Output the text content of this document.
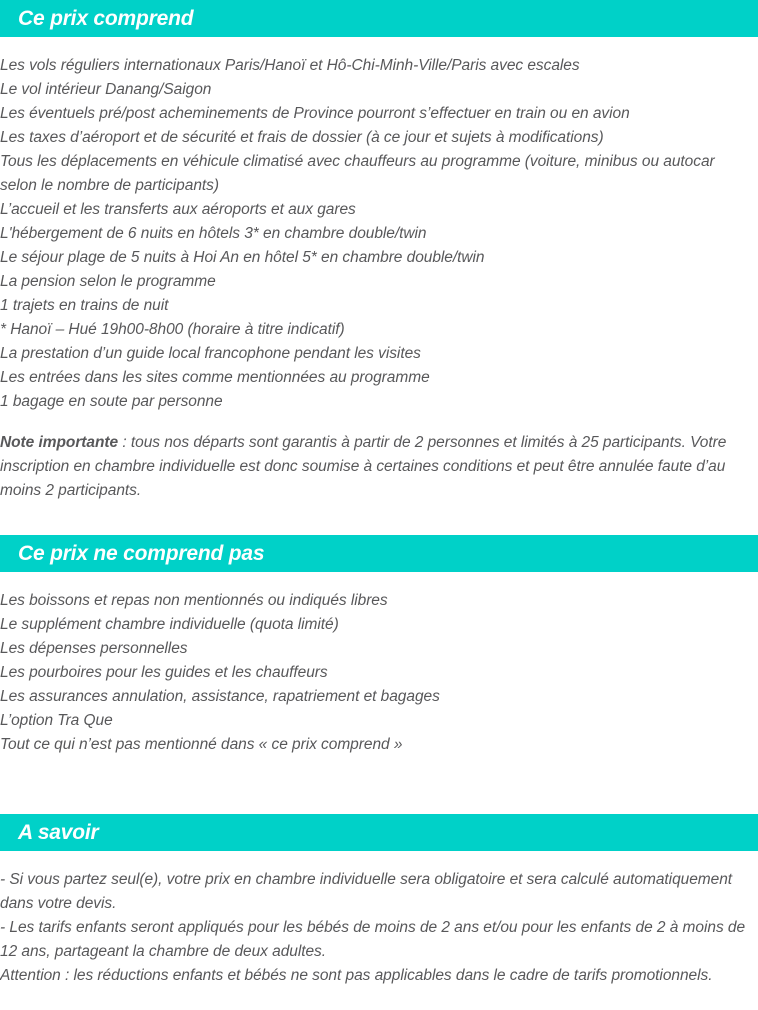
Ce prix comprend

Les vols réguliers internationaux Paris/Hanoï et Hô-Chi-Minh-Ville/Paris avec escales

Le vol intérieur Danang/Saigon

Les éventuels pré/post acheminements de Province pourront s’effectuer en train ou en avion

Les taxes d’aéroport et de sécurité et frais de dossier (à ce jour et sujets à modifications)

Tous les déplacements en véhicule climatisé avec chauffeurs au programme (voiture, minibus ou autocar selon le nombre de participants)

L’accueil et les transferts aux aéroports et aux gares

L'hébergement de 6 nuits en hôtels 3* en chambre double/twin

Le séjour plage de 5 nuits à Hoi An en hôtel 5* en chambre double/twin

La pension selon le programme

1 trajets en trains de nuit

* Hanoï – Hué 19h00-8h00 (horaire à titre indicatif)

La prestation d’un guide local francophone pendant les visites

Les entrées dans les sites comme mentionnées au programme

1 bagage en soute par personne

Note importante : tous nos départs sont garantis à partir de 2 personnes et limités à 25 participants. Votre inscription en chambre individuelle est donc soumise à certaines conditions et peut être annulée faute d’au moins 2 participants.

Ce prix ne comprend pas

Les boissons et repas non mentionnés ou indiqués libres

Le supplément chambre individuelle (quota limité)

Les dépenses personnelles

Les pourboires pour les guides et les chauffeurs

Les assurances annulation, assistance, rapatriement et bagages

L’option Tra Que

Tout ce qui n’est pas mentionné dans « ce prix comprend »

A savoir

- Si vous partez seul(e), votre prix en chambre individuelle sera obligatoire et sera calculé automatiquement dans votre devis.

- Les tarifs enfants seront appliqués pour les bébés de moins de 2 ans et/ou pour les enfants de 2 à moins de 12 ans, partageant la chambre de deux adultes.

Attention : les réductions enfants et bébés ne sont pas applicables dans le cadre de tarifs promotionnels.
